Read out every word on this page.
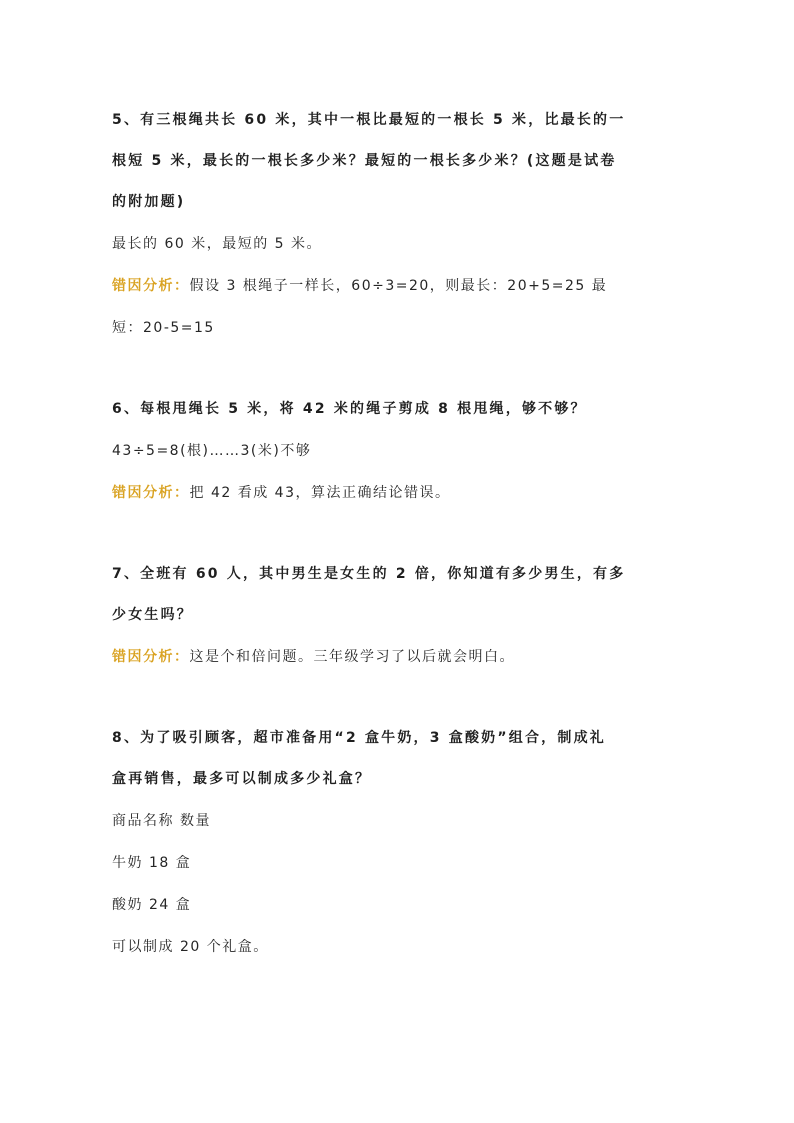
5、有三根绳共长 60 米，其中一根比最短的一根长 5 米，比最长的一

根短 5 米，最长的一根长多少米？最短的一根长多少米？(这题是试卷

的附加题)

最长的 60 米，最短的 5 米。

错因分析：假设 3 根绳子一样长，60÷3=20，则最长：20+5=25 最

短：20-5=15

6、每根甩绳长 5 米，将 42 米的绳子剪成 8 根甩绳，够不够？

43÷5=8(根)……3(米)不够

错因分析：把 42 看成 43，算法正确结论错误。

7、全班有 60 人，其中男生是女生的 2 倍，你知道有多少男生，有多

少女生吗？

错因分析：这是个和倍问题。三年级学习了以后就会明白。

8、为了吸引顾客，超市准备用“2 盒牛奶，3 盒酸奶”组合，制成礼

盒再销售，最多可以制成多少礼盒？

商品名称 数量

牛奶 18 盒

酸奶 24 盒

可以制成 20 个礼盒。
